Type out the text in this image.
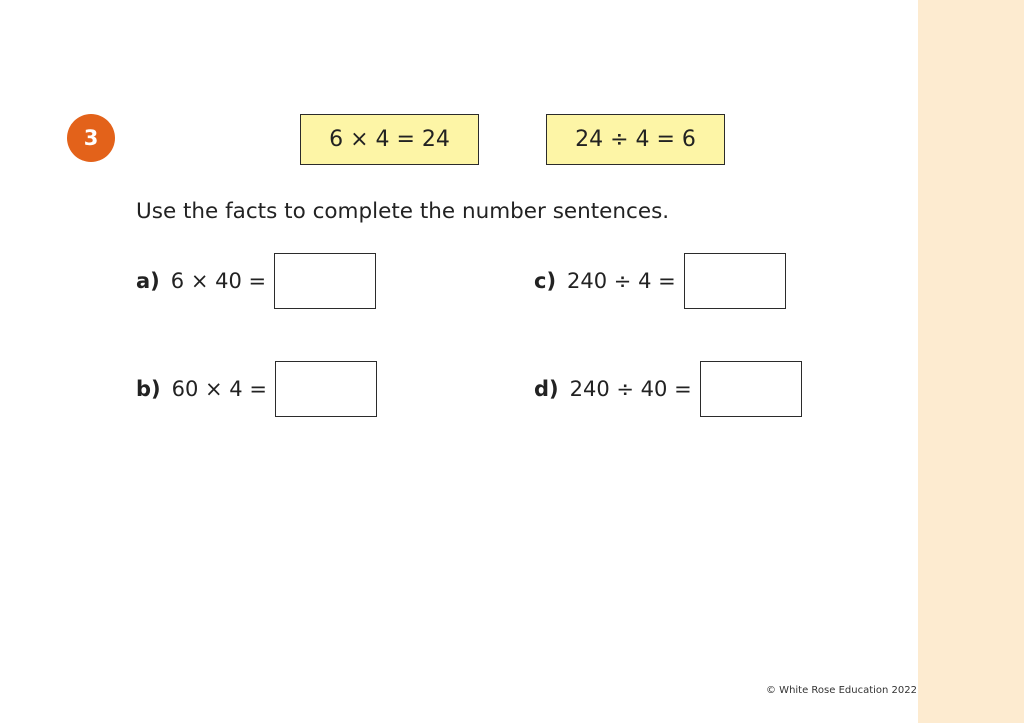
3	6 × 4 = 24	24 ÷ 4 = 6
Use the facts to complete the number sentences.
a) 6 × 40 =
b) 60 × 4 =
c) 240 ÷ 4 =
d) 240 ÷ 40 =
© White Rose Education 2022
